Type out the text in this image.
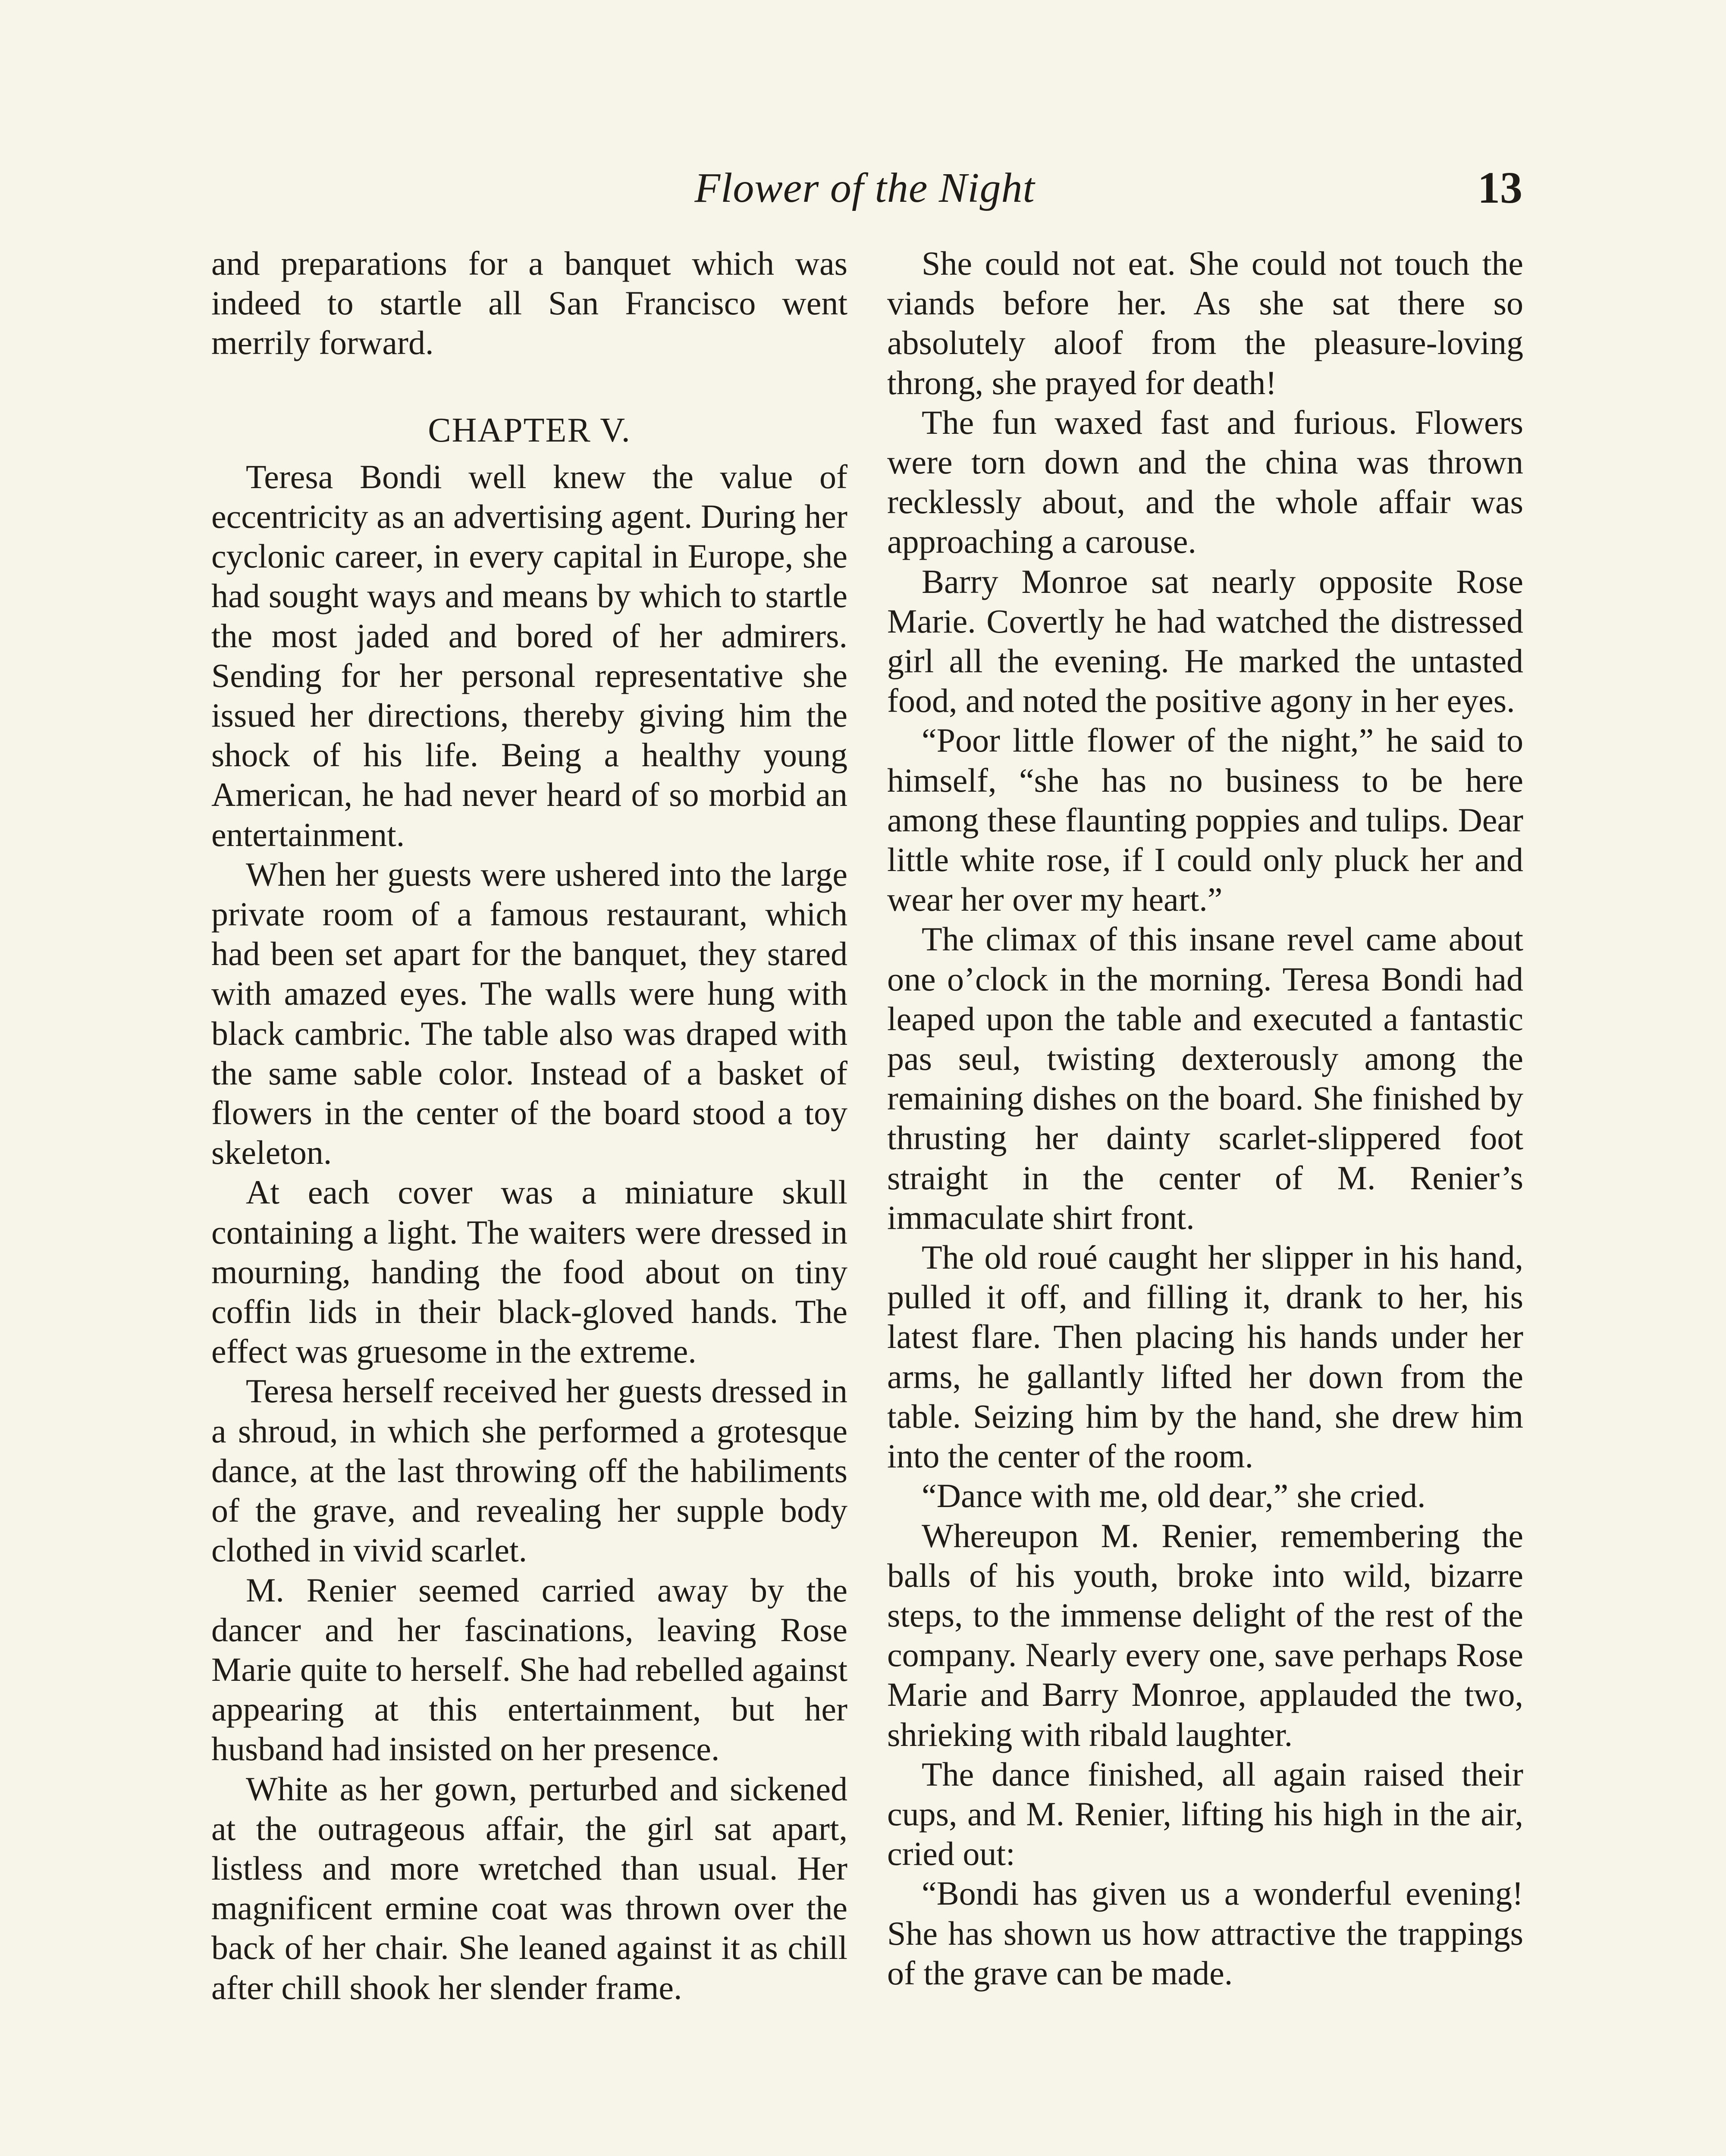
Flower of the Night	13

and preparations for a banquet which was indeed to startle all San Francisco went merrily forward.

CHAPTER V.

Teresa Bondi well knew the value of eccentricity as an advertising agent. During her cyclonic career, in every capital in Europe, she had sought ways and means by which to startle the most jaded and bored of her admirers. Sending for her personal representative she issued her directions, thereby giving him the shock of his life. Being a healthy young American, he had never heard of so morbid an entertainment.

When her guests were ushered into the large private room of a famous restaurant, which had been set apart for the banquet, they stared with amazed eyes. The walls were hung with black cambric. The table also was draped with the same sable color. Instead of a basket of flowers in the center of the board stood a toy skeleton.

At each cover was a miniature skull containing a light. The waiters were dressed in mourning, handing the food about on tiny coffin lids in their black-gloved hands. The effect was gruesome in the extreme.

Teresa herself received her guests dressed in a shroud, in which she performed a grotesque dance, at the last throwing off the habiliments of the grave, and revealing her supple body clothed in vivid scarlet.

M. Renier seemed carried away by the dancer and her fascinations, leaving Rose Marie quite to herself. She had rebelled against appearing at this entertainment, but her husband had insisted on her presence.

White as her gown, perturbed and sickened at the outrageous affair, the girl sat apart, listless and more wretched than usual. Her magnificent ermine coat was thrown over the back of her chair. She leaned against it as chill after chill shook her slender frame.

She could not eat. She could not touch the viands before her. As she sat there so absolutely aloof from the pleasure-loving throng, she prayed for death!

The fun waxed fast and furious. Flowers were torn down and the china was thrown recklessly about, and the whole affair was approaching a carouse.

Barry Monroe sat nearly opposite Rose Marie. Covertly he had watched the distressed girl all the evening. He marked the untasted food, and noted the positive agony in her eyes.

“Poor little flower of the night,” he said to himself, “she has no business to be here among these flaunting poppies and tulips. Dear little white rose, if I could only pluck her and wear her over my heart.”

The climax of this insane revel came about one o’clock in the morning. Teresa Bondi had leaped upon the table and executed a fantastic pas seul, twisting dexterously among the remaining dishes on the board. She finished by thrusting her dainty scarlet-slippered foot straight in the center of M. Renier’s immaculate shirt front.

The old roué caught her slipper in his hand, pulled it off, and filling it, drank to her, his latest flare. Then placing his hands under her arms, he gallantly lifted her down from the table. Seizing him by the hand, she drew him into the center of the room.

“Dance with me, old dear,” she cried.

Whereupon M. Renier, remembering the balls of his youth, broke into wild, bizarre steps, to the immense delight of the rest of the company. Nearly every one, save perhaps Rose Marie and Barry Monroe, applauded the two, shrieking with ribald laughter.

The dance finished, all again raised their cups, and M. Renier, lifting his high in the air, cried out:

“Bondi has given us a wonderful evening! She has shown us how attractive the trappings of the grave can be made.
